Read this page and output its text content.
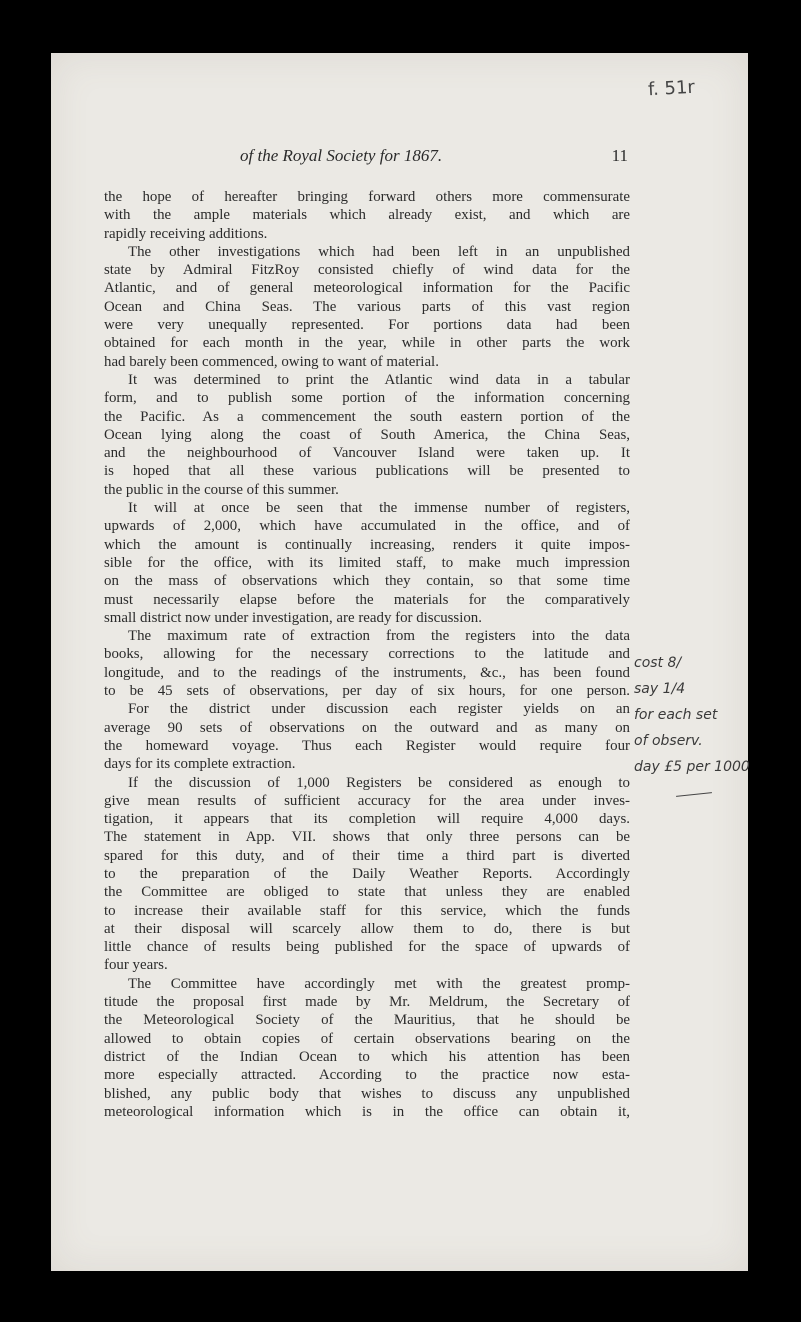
f. 51r
of the Royal Society for 1867.	11
the hope of hereafter bringing forward others more commensurate
with the ample materials which already exist, and which are
rapidly receiving additions.
The other investigations which had been left in an unpublished
state by Admiral FitzRoy consisted chiefly of wind data for the
Atlantic, and of general meteorological information for the Pacific
Ocean and China Seas. The various parts of this vast region
were very unequally represented. For portions data had been
obtained for each month in the year, while in other parts the work
had barely been commenced, owing to want of material.
It was determined to print the Atlantic wind data in a tabular
form, and to publish some portion of the information concerning
the Pacific. As a commencement the south eastern portion of the
Ocean lying along the coast of South America, the China Seas,
and the neighbourhood of Vancouver Island were taken up. It
is hoped that all these various publications will be presented to
the public in the course of this summer.
It will at once be seen that the immense number of registers,
upwards of 2,000, which have accumulated in the office, and of
which the amount is continually increasing, renders it quite impos-
sible for the office, with its limited staff, to make much impression
on the mass of observations which they contain, so that some time
must necessarily elapse before the materials for the comparatively
small district now under investigation, are ready for discussion.
The maximum rate of extraction from the registers into the data
books, allowing for the necessary corrections to the latitude and
longitude, and to the readings of the instruments, &c., has been found
to be 45 sets of observations, per day of six hours, for one person.
For the district under discussion each register yields on an
average 90 sets of observations on the outward and as many on
the homeward voyage. Thus each Register would require four
days for its complete extraction.
If the discussion of 1,000 Registers be considered as enough to
give mean results of sufficient accuracy for the area under inves-
tigation, it appears that its completion will require 4,000 days.
The statement in App. VII. shows that only three persons can be
spared for this duty, and of their time a third part is diverted
to the preparation of the Daily Weather Reports. Accordingly
the Committee are obliged to state that unless they are enabled
to increase their available staff for this service, which the funds
at their disposal will scarcely allow them to do, there is but
little chance of results being published for the space of upwards of
four years.
The Committee have accordingly met with the greatest promp-
titude the proposal first made by Mr. Meldrum, the Secretary of
the Meteorological Society of the Mauritius, that he should be
allowed to obtain copies of certain observations bearing on the
district of the Indian Ocean to which his attention has been
more especially attracted. According to the practice now esta-
blished, any public body that wishes to discuss any unpublished
meteorological information which is in the office can obtain it,
cost 8/
say 1/4
for each set
of observ.
day £5 per 1000
